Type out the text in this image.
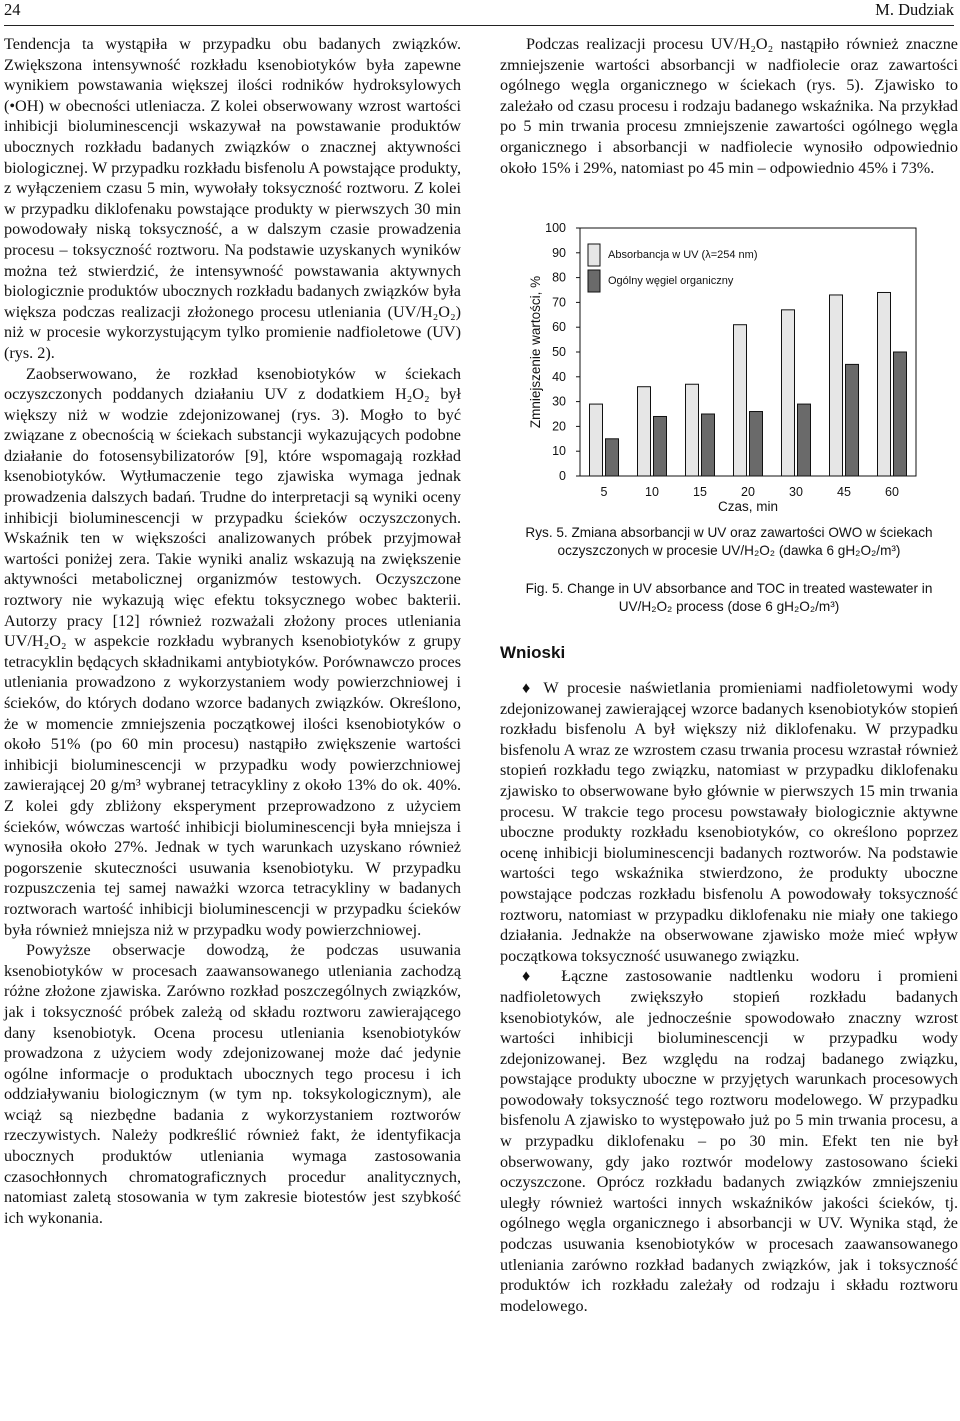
24	M. Dudziak

Tendencja ta wystąpiła w przypadku obu badanych związków. Zwiększona intensywność rozkładu ksenobiotyków była zapewne wynikiem powstawania większej ilości rodników hydroksylowych (•OH) w obecności utleniacza. Z kolei obserwowany wzrost wartości inhibicji bioluminescencji wskazywał na powstawanie produktów ubocznych rozkładu badanych związków o znacznej aktywności biologicznej. W przypadku rozkładu bisfenolu A powstające produkty, z wyłączeniem czasu 5 min, wywołały toksyczność roztworu. Z kolei w przypadku diklofenaku powstające produkty w pierwszych 30 min powodowały niską toksyczność, a w dalszym czasie prowadzenia procesu – toksyczność roztworu. Na podstawie uzyskanych wyników można też stwierdzić, że intensywność powstawania aktywnych biologicznie produktów ubocznych rozkładu badanych związków była większa podczas realizacji złożonego procesu utleniania (UV/H₂O₂) niż w procesie wykorzystującym tylko promienie nadfioletowe (UV) (rys. 2).

Zaobserwowano, że rozkład ksenobiotyków w ściekach oczyszczonych poddanych działaniu UV z dodatkiem H₂O₂ był większy niż w wodzie zdejonizowanej (rys. 3). Mogło to być związane z obecnością w ściekach substancji wykazujących podobne działanie do fotosensybilizatorów [9], które wspomagają rozkład ksenobiotyków. Wytłumaczenie tego zjawiska wymaga jednak prowadzenia dalszych badań. Trudne do interpretacji są wyniki oceny inhibicji bioluminescencji w przypadku ścieków oczyszczonych. Wskaźnik ten w większości analizowanych próbek przyjmował wartości poniżej zera. Takie wyniki analiz wskazują na zwiększenie aktywności metabolicznej organizmów testowych. Oczyszczone roztwory nie wykazują więc efektu toksycznego wobec bakterii. Autorzy pracy [12] również rozważali złożony proces utleniania UV/H₂O₂ w aspekcie rozkładu wybranych ksenobiotyków z grupy tetracyklin będących składnikami antybiotyków. Porównawczo proces utleniania prowadzono z wykorzystaniem wody powierzchniowej i ścieków, do których dodano wzorce badanych związków. Określono, że w momencie zmniejszenia początkowej ilości ksenobiotyków o około 51% (po 60 min procesu) nastąpiło zwiększenie wartości inhibicji bioluminescencji w przypadku wody powierzchniowej zawierającej 20 g/m³ wybranej tetracykliny z około 13% do ok. 40%. Z kolei gdy zbliżony eksperyment przeprowadzono z użyciem ścieków, wówczas wartość inhibicji bioluminescencji była mniejsza i wynosiła około 27%. Jednak w tych warunkach uzyskano również pogorszenie skuteczności usuwania ksenobiotyku. W przypadku rozpuszczenia tej samej naważki wzorca tetracykliny w badanych roztworach wartość inhibicji bioluminescencji w przypadku ścieków była również mniejsza niż w przypadku wody powierzchniowej.

Powyższe obserwacje dowodzą, że podczas usuwania ksenobiotyków w procesach zaawansowanego utleniania zachodzą różne złożone zjawiska. Zarówno rozkład poszczególnych związków, jak i toksyczność próbek zależą od składu roztworu zawierającego dany ksenobiotyk. Ocena procesu utleniania ksenobiotyków prowadzona z użyciem wody zdejonizowanej może dać jedynie ogólne informacje o produktach ubocznych tego procesu i ich oddziaływaniu biologicznym (w tym np. toksykologicznym), ale wciąż są niezbędne badania z wykorzystaniem roztworów rzeczywistych. Należy podkreślić również fakt, że identyfikacja ubocznych produktów utleniania wymaga zastosowania czasochłonnych chromatograficznych procedur analitycznych, natomiast zaletą stosowania w tym zakresie biotestów jest szybkość ich wykonania.

Podczas realizacji procesu UV/H₂O₂ nastąpiło również znaczne zmniejszenie wartości absorbancji w nadfiolecie oraz zawartości ogólnego węgla organicznego w ściekach (rys. 5). Zjawisko to zależało od czasu procesu i rodzaju badanego wskaźnika. Na przykład po 5 min trwania procesu zmniejszenie zawartości ogólnego węgla organicznego i absorbancji w nadfiolecie wynosiło odpowiednio około 15% i 29%, natomiast po 45 min – odpowiednio 45% i 73%.

0
10
20
30
40
50
60
70
80
90
100
Zmniejszenie wartości, %
5	10	15	20	30	45	60
Czas, min
Absorbancja w UV (λ=254 nm)
Ogólny węgiel organiczny
Rys. 5. Zmiana absorbancji w UV oraz zawartości OWO w ściekach oczyszczonych w procesie UV/H₂O₂ (dawka 6 gH₂O₂/m³)
Fig. 5. Change in UV absorbance and TOC in treated wastewater in UV/H₂O₂ process (dose 6 gH₂O₂/m³)
Wnioski

♦ W procesie naświetlania promieniami nadfioletowymi wody zdejonizowanej zawierającej wzorce badanych ksenobiotyków stopień rozkładu bisfenolu A był większy niż diklofenaku. W przypadku bisfenolu A wraz ze wzrostem czasu trwania procesu wzrastał również stopień rozkładu tego związku, natomiast w przypadku diklofenaku zjawisko to obserwowane było głównie w pierwszych 15 min trwania procesu. W trakcie tego procesu powstawały biologicznie aktywne uboczne produkty rozkładu ksenobiotyków, co określono poprzez ocenę inhibicji bioluminescencji badanych roztworów. Na podstawie wartości tego wskaźnika stwierdzono, że produkty uboczne powstające podczas rozkładu bisfenolu A powodowały toksyczność roztworu, natomiast w przypadku diklofenaku nie miały one takiego działania. Jednakże na obserwowane zjawisko może mieć wpływ początkowa toksyczność usuwanego związku.

♦ Łączne zastosowanie nadtlenku wodoru i promieni nadfioletowych zwiększyło stopień rozkładu badanych ksenobiotyków, ale jednocześnie spowodowało znaczny wzrost wartości inhibicji bioluminescencji w przypadku wody zdejonizowanej. Bez względu na rodzaj badanego związku, powstające produkty uboczne w przyjętych warunkach procesowych powodowały toksyczność tego roztworu modelowego. W przypadku bisfenolu A zjawisko to występowało już po 5 min trwania procesu, a w przypadku diklofenaku – po 30 min. Efekt ten nie był obserwowany, gdy jako roztwór modelowy zastosowano ścieki oczyszczone. Oprócz rozkładu badanych związków zmniejszeniu uległy również wartości innych wskaźników jakości ścieków, tj. ogólnego węgla organicznego i absorbancji w UV. Wynika stąd, że podczas usuwania ksenobiotyków w procesach zaawansowanego utleniania zarówno rozkład badanych związków, jak i toksyczność produktów ich rozkładu zależały od rodzaju i składu roztworu modelowego.
